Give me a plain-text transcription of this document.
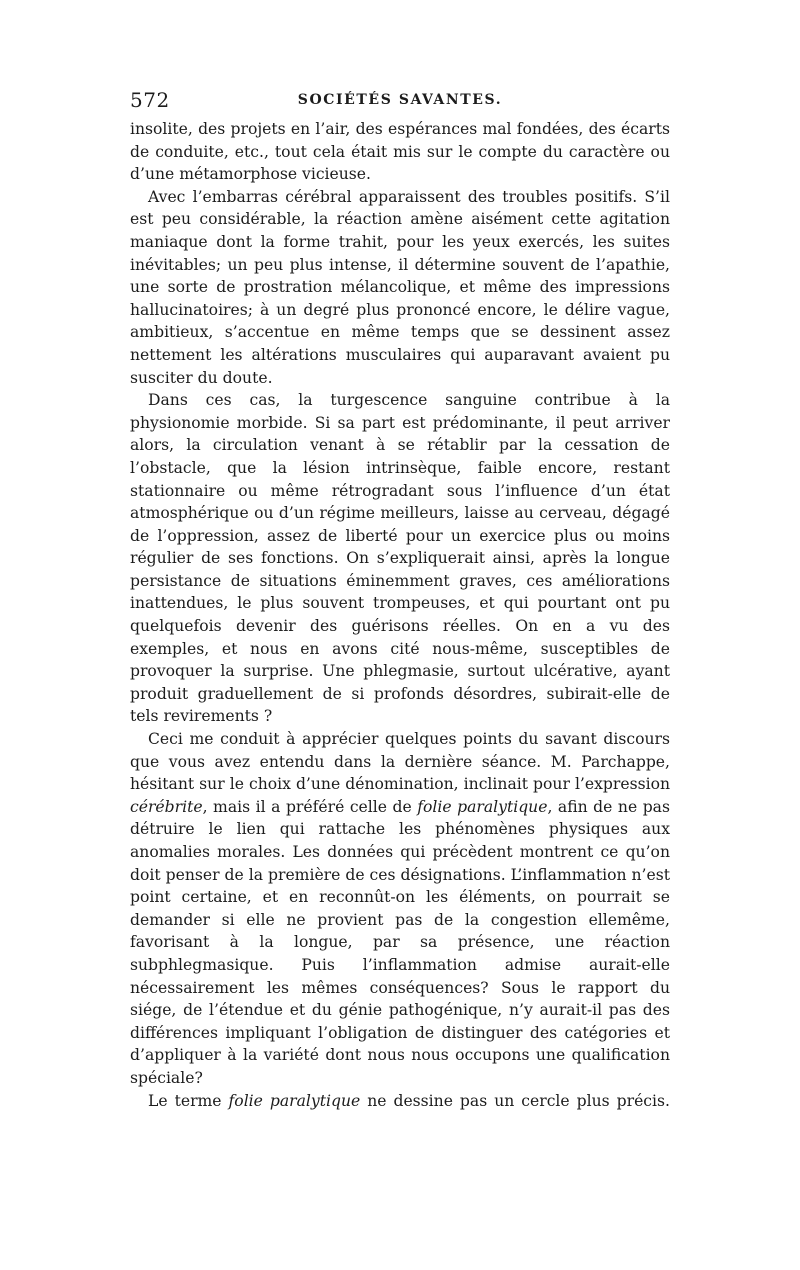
572	SOCIÉTÉS SAVANTES.

insolite, des projets en l’air, des espérances mal fondées, des écarts de conduite, etc., tout cela était mis sur le compte du caractère ou d’une métamorphose vicieuse.

Avec l’embarras cérébral apparaissent des troubles positifs. S’il est peu considérable, la réaction amène aisément cette agitation maniaque dont la forme trahit, pour les yeux exercés, les suites inévitables; un peu plus intense, il détermine souvent de l’apathie, une sorte de prostration mélancolique, et même des impressions hallucinatoires; à un degré plus prononcé encore, le délire vague, ambitieux, s’accentue en même temps que se dessinent assez nettement les altérations musculaires qui auparavant avaient pu susciter du doute.

Dans ces cas, la turgescence sanguine contribue à la physionomie morbide. Si sa part est prédominante, il peut arriver alors, la circulation venant à se rétablir par la cessation de l’obstacle, que la lésion intrinsèque, faible encore, restant stationnaire ou même rétrogradant sous l’influence d’un état atmosphérique ou d’un régime meilleurs, laisse au cerveau, dégagé de l’oppression, assez de liberté pour un exercice plus ou moins régulier de ses fonctions. On s’expliquerait ainsi, après la longue persistance de situations éminemment graves, ces améliorations inattendues, le plus souvent trompeuses, et qui pourtant ont pu quelquefois devenir des guérisons réelles. On en a vu des exemples, et nous en avons cité nous-même, susceptibles de provoquer la surprise. Une phlegmasie, surtout ulcérative, ayant produit graduellement de si profonds désordres, subirait-elle de tels revirements ?

Ceci me conduit à apprécier quelques points du savant discours que vous avez entendu dans la dernière séance. M. Parchappe, hésitant sur le choix d’une dénomination, inclinait pour l’expression cérébrite, mais il a préféré celle de folie paralytique, afin de ne pas détruire le lien qui rattache les phénomènes physiques aux anomalies morales. Les données qui précèdent montrent ce qu’on doit penser de la première de ces désignations. L’inflammation n’est point certaine, et en reconnût-on les éléments, on pourrait se demander si elle ne provient pas de la congestion ellemême, favorisant à la longue, par sa présence, une réaction subphlegmasique. Puis l’inflammation admise aurait-elle nécessairement les mêmes conséquences? Sous le rapport du siége, de l’étendue et du génie pathogénique, n’y aurait-il pas des différences impliquant l’obligation de distinguer des catégories et d’appliquer à la variété dont nous nous occupons une qualification spéciale?

Le terme folie paralytique ne dessine pas un cercle plus précis.
